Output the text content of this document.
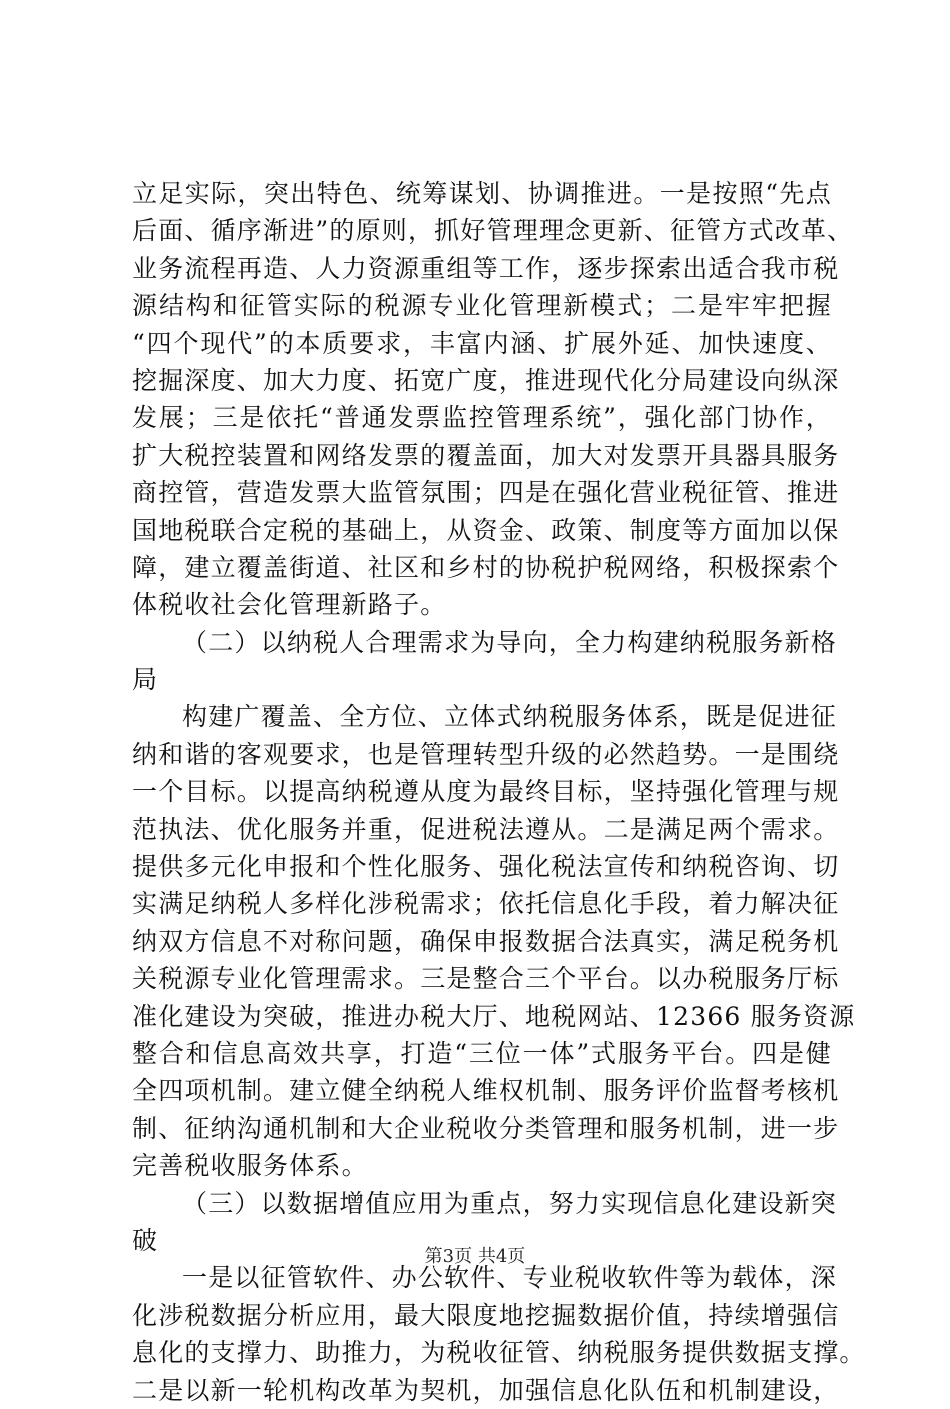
立足实际，突出特色、统筹谋划、协调推进。一是按照“先点
后面、循序渐进”的原则，抓好管理理念更新、征管方式改革、
业务流程再造、人力资源重组等工作，逐步探索出适合我市税
源结构和征管实际的税源专业化管理新模式；二是牢牢把握
“四个现代”的本质要求，丰富内涵、扩展外延、加快速度、
挖掘深度、加大力度、拓宽广度，推进现代化分局建设向纵深
发展；三是依托“普通发票监控管理系统”，强化部门协作，
扩大税控装置和网络发票的覆盖面，加大对发票开具器具服务
商控管，营造发票大监管氛围；四是在强化营业税征管、推进
国地税联合定税的基础上，从资金、政策、制度等方面加以保
障，建立覆盖街道、社区和乡村的协税护税网络，积极探索个
体税收社会化管理新路子。
（二）以纳税人合理需求为导向，全力构建纳税服务新格
局
构建广覆盖、全方位、立体式纳税服务体系，既是促进征
纳和谐的客观要求，也是管理转型升级的必然趋势。一是围绕
一个目标。以提高纳税遵从度为最终目标，坚持强化管理与规
范执法、优化服务并重，促进税法遵从。二是满足两个需求。
提供多元化申报和个性化服务、强化税法宣传和纳税咨询、切
实满足纳税人多样化涉税需求；依托信息化手段，着力解决征
纳双方信息不对称问题，确保申报数据合法真实，满足税务机
关税源专业化管理需求。三是整合三个平台。以办税服务厅标
准化建设为突破，推进办税大厅、地税网站、12366 服务资源
整合和信息高效共享，打造“三位一体”式服务平台。四是健
全四项机制。建立健全纳税人维权机制、服务评价监督考核机
制、征纳沟通机制和大企业税收分类管理和服务机制，进一步
完善税收服务体系。
（三）以数据增值应用为重点，努力实现信息化建设新突
破
一是以征管软件、办公软件、专业税收软件等为载体，深
化涉税数据分析应用，最大限度地挖掘数据价值，持续增强信
息化的支撑力、助推力，为税收征管、纳税服务提供数据支撑。
二是以新一轮机构改革为契机，加强信息化队伍和机制建设，
第3页 共4页
